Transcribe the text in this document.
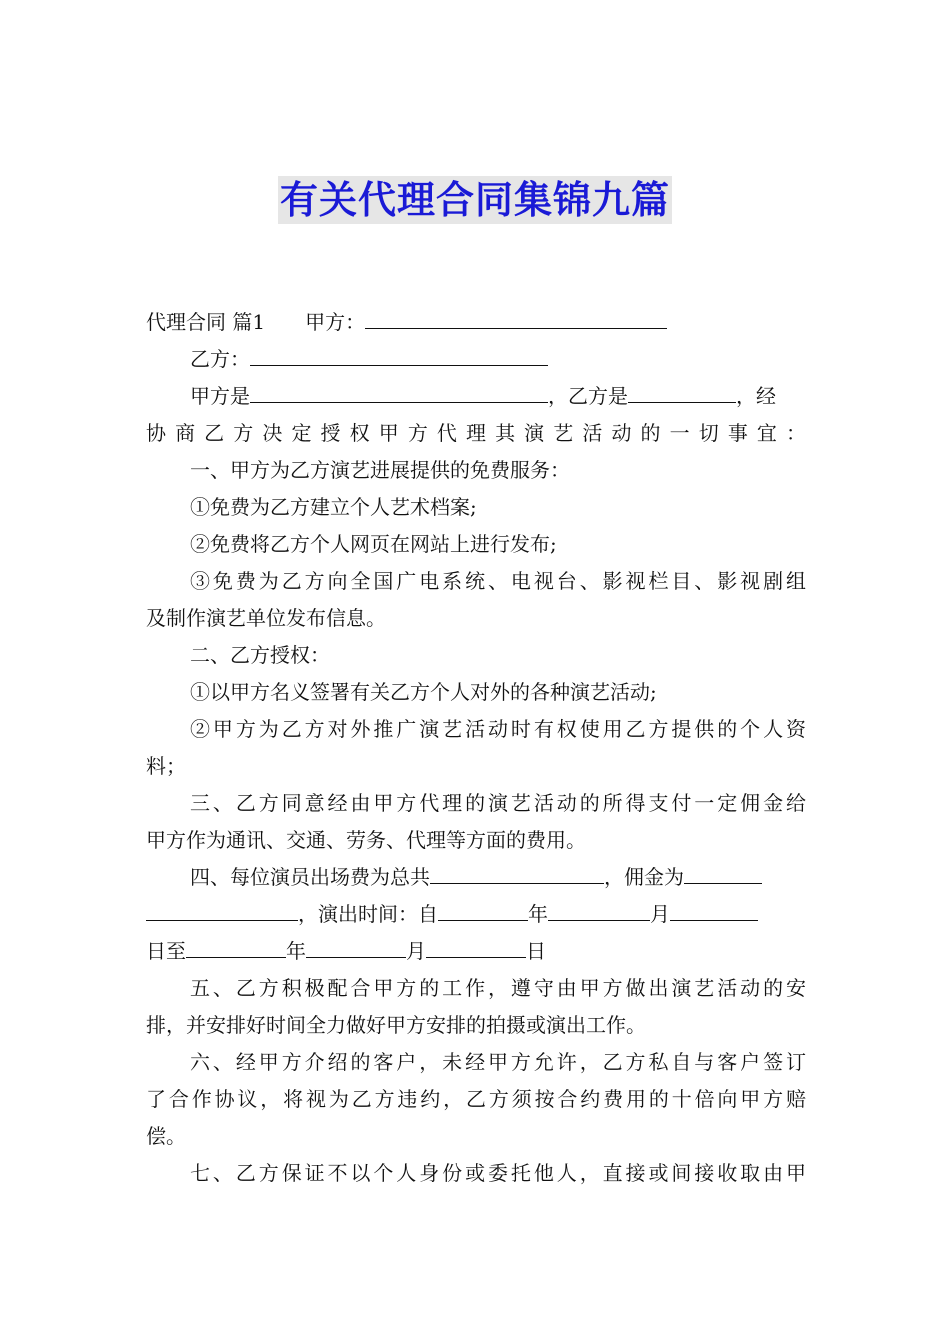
有关代理合同集锦九篇
代理合同 篇1 甲方：
乙方：
甲方是	，乙方是	，经
协商乙方决定授权甲方代理其演艺活动的一切事宜：
一、甲方为乙方演艺进展提供的免费服务：
①免费为乙方建立个人艺术档案;
②免费将乙方个人网页在网站上进行发布;
③免费为乙方向全国广电系统、电视台、影视栏目、影视剧组
及制作演艺单位发布信息。
二、乙方授权：
①以甲方名义签署有关乙方个人对外的各种演艺活动;
②甲方为乙方对外推广演艺活动时有权使用乙方提供的个人资
料；
三、乙方同意经由甲方代理的演艺活动的所得支付一定佣金给
甲方作为通讯、交通、劳务、代理等方面的费用。
四、每位演员出场费为总共	，佣金为
，演出时间：自	年	月
日至	年	月	日
五、乙方积极配合甲方的工作，遵守由甲方做出演艺活动的安
排，并安排好时间全力做好甲方安排的拍摄或演出工作。
六、经甲方介绍的客户，未经甲方允许，乙方私自与客户签订
了合作协议，将视为乙方违约，乙方须按合约费用的十倍向甲方赔
偿。
七、乙方保证不以个人身份或委托他人，直接或间接收取由甲
